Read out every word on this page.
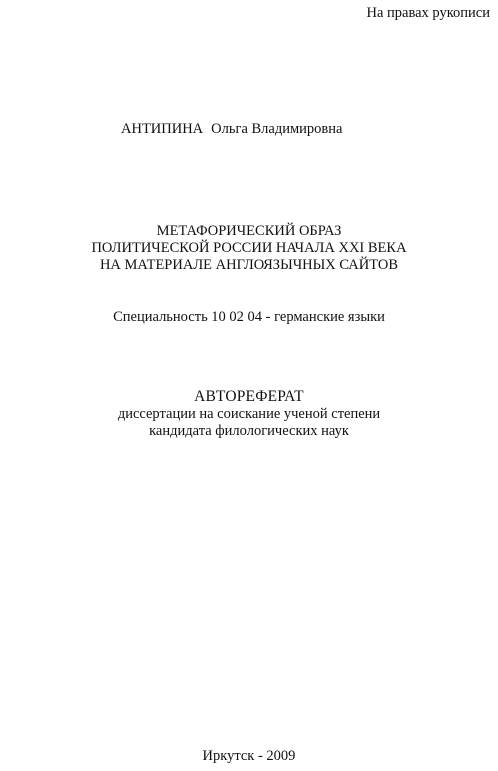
На правах рукописи
АНТИПИНА Ольга Владимировна
МЕТАФОРИЧЕСКИЙ ОБРАЗ
ПОЛИТИЧЕСКОЙ РОССИИ НАЧАЛА XXI ВЕКА
НА МАТЕРИАЛЕ АНГЛОЯЗЫЧНЫХ САЙТОВ
Специальность 10 02 04 - германские языки
АВТОРЕФЕРАТ
диссертации на соискание ученой степени
кандидата филологических наук
Иркутск - 2009
